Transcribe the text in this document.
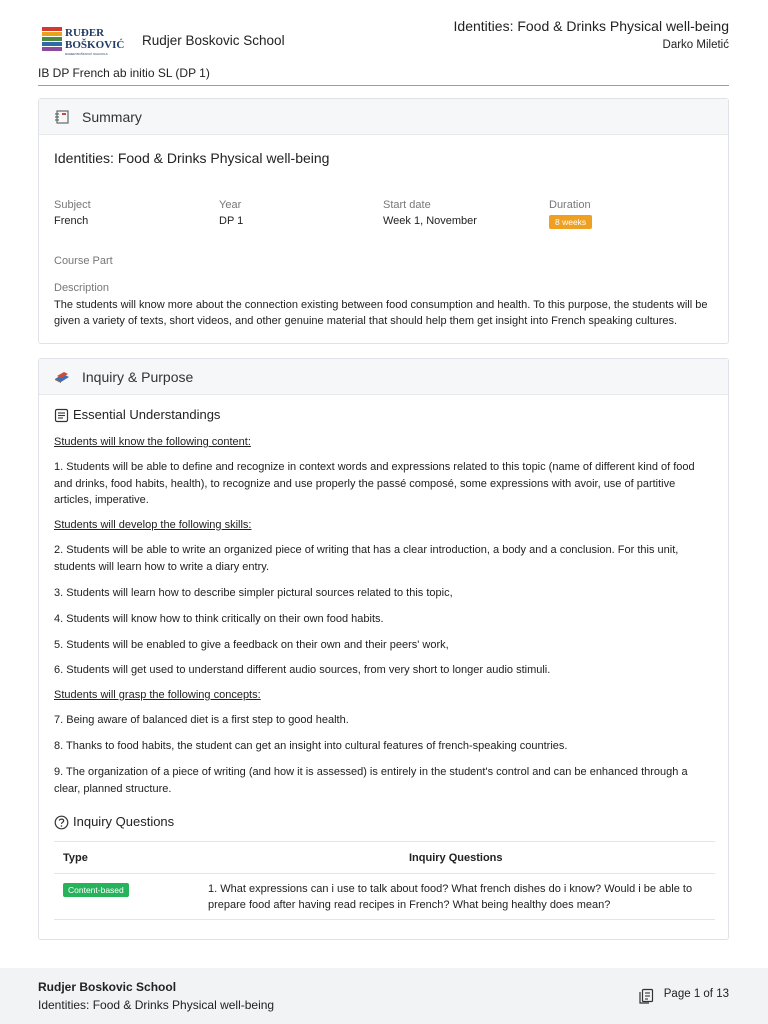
RUĐER
BOŠKOVIĆ
RUĐER BOŠKOVIĆ SCHOOLS
Rudjer Boskovic School
Identities: Food & Drinks Physical well-being
Darko Miletić
IB DP French ab initio SL (DP 1)
Summary
Identities: Food & Drinks Physical well-being
Subject
French
Year
DP 1
Start date
Week 1, November
Duration
8 weeks
Course Part
Description
The students will know more about the connection existing between food consumption and health. To this purpose, the students will be given a variety of texts, short videos, and other genuine material that should help them get insight into French speaking cultures.
Inquiry & Purpose
Essential Understandings
Students will know the following content:
1. Students will be able to define and recognize in context words and expressions related to this topic (name of different kind of food and drinks, food habits, health), to recognize and use properly the passé composé, some expressions with avoir, use of partitive articles, imperative.
Students will develop the following skills:
2. Students will be able to write an organized piece of writing that has a clear introduction, a body and a conclusion. For this unit, students will learn how to write a diary entry.
3. Students will learn how to describe simpler pictural sources related to this topic,
4. Students will know how to think critically on their own food habits.
5. Students will be enabled to give a feedback on their own and their peers' work,
6. Students will get used to understand different audio sources, from very short to longer audio stimuli.
Students will grasp the following concepts:
7. Being aware of balanced diet is a first step to good health.
8. Thanks to food habits, the student can get an insight into cultural features of french-speaking countries.
9. The organization of a piece of writing (and how it is assessed) is entirely in the student's control and can be enhanced through a clear, planned structure.
Inquiry Questions
Type	Inquiry Questions
Content-based	1. What expressions can i use to talk about food? What french dishes do i know? Would i be able to prepare food after having read recipes in French? What being healthy does mean?
Rudjer Boskovic School
Identities: Food & Drinks Physical well-being
Page 1 of 13
